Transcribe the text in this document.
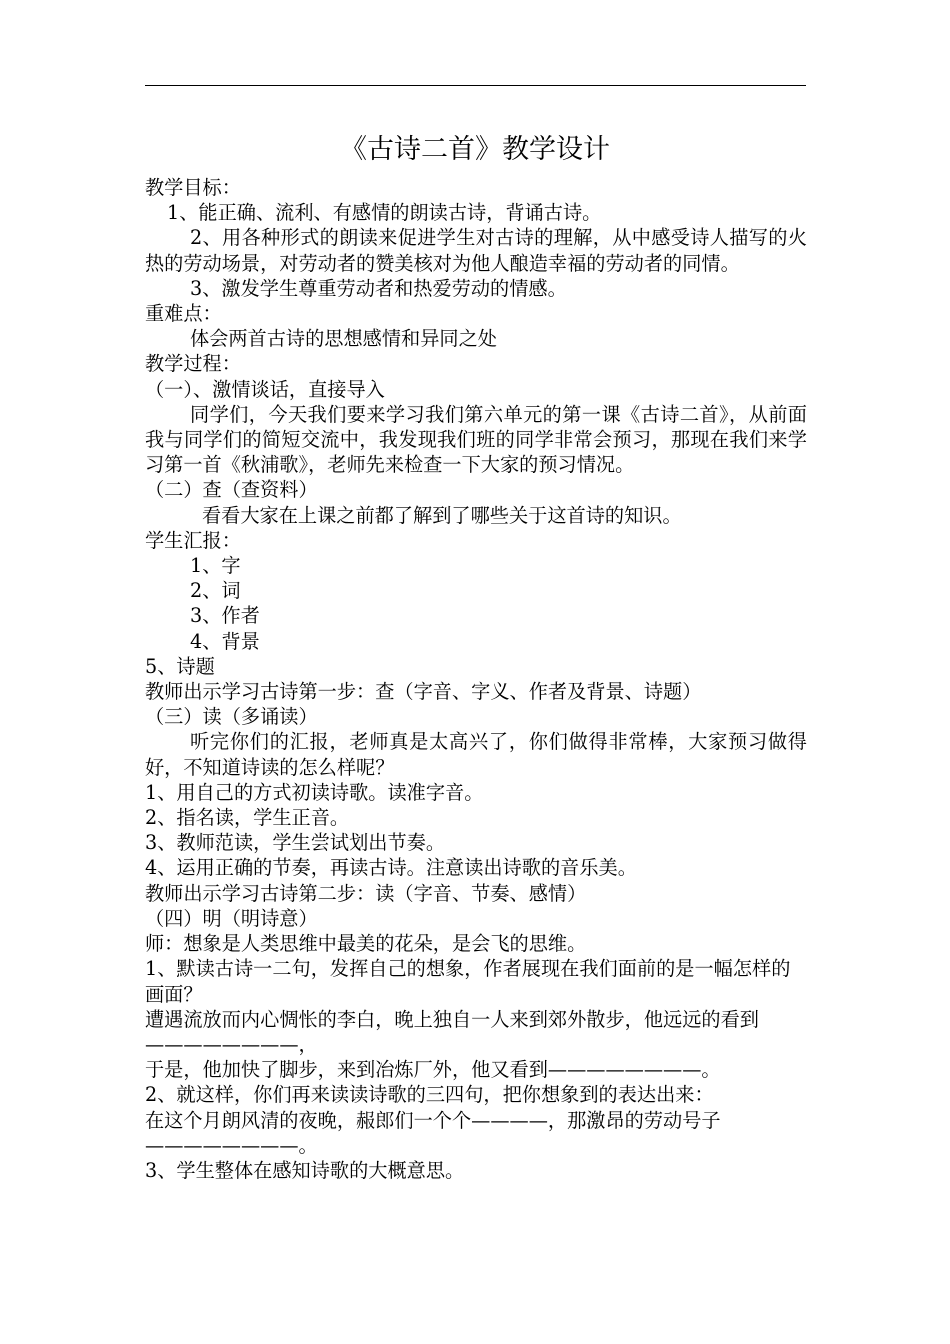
《古诗二首》教学设计

教学目标：

1、能正确、流利、有感情的朗读古诗，背诵古诗。

2、用各种形式的朗读来促进学生对古诗的理解，从中感受诗人描写的火热的劳动场景，对劳动者的赞美核对为他人酿造幸福的劳动者的同情。

3、激发学生尊重劳动者和热爱劳动的情感。

重难点：

体会两首古诗的思想感情和异同之处

教学过程：

（一）、激情谈话，直接导入

同学们，今天我们要来学习我们第六单元的第一课《古诗二首》，从前面我与同学们的简短交流中，我发现我们班的同学非常会预习，那现在我们来学习第一首《秋浦歌》，老师先来检查一下大家的预习情况。

（二）查（查资料）

看看大家在上课之前都了解到了哪些关于这首诗的知识。

学生汇报：

1、字

2、词

3、作者

4、背景

5、诗题

教师出示学习古诗第一步：查（字音、字义、作者及背景、诗题）

（三）读（多诵读）

听完你们的汇报，老师真是太高兴了，你们做得非常棒，大家预习做得好，不知道诗读的怎么样呢？

1、用自己的方式初读诗歌。读准字音。

2、指名读，学生正音。

3、教师范读，学生尝试划出节奏。

4、运用正确的节奏，再读古诗。注意读出诗歌的音乐美。

教师出示学习古诗第二步：读（字音、节奏、感情）

（四）明（明诗意）

师：想象是人类思维中最美的花朵，是会飞的思维。

1、默读古诗一二句，发挥自己的想象，作者展现在我们面前的是一幅怎样的画面？

遭遇流放而内心惆怅的李白，晚上独自一人来到郊外散步，他远远的看到————————，

于是，他加快了脚步，来到冶炼厂外，他又看到————————。

2、就这样，你们再来读读诗歌的三四句，把你想象到的表达出来：

在这个月朗风清的夜晚，赧郎们一个个————，那激昂的劳动号子————————。

3、学生整体在感知诗歌的大概意思。
